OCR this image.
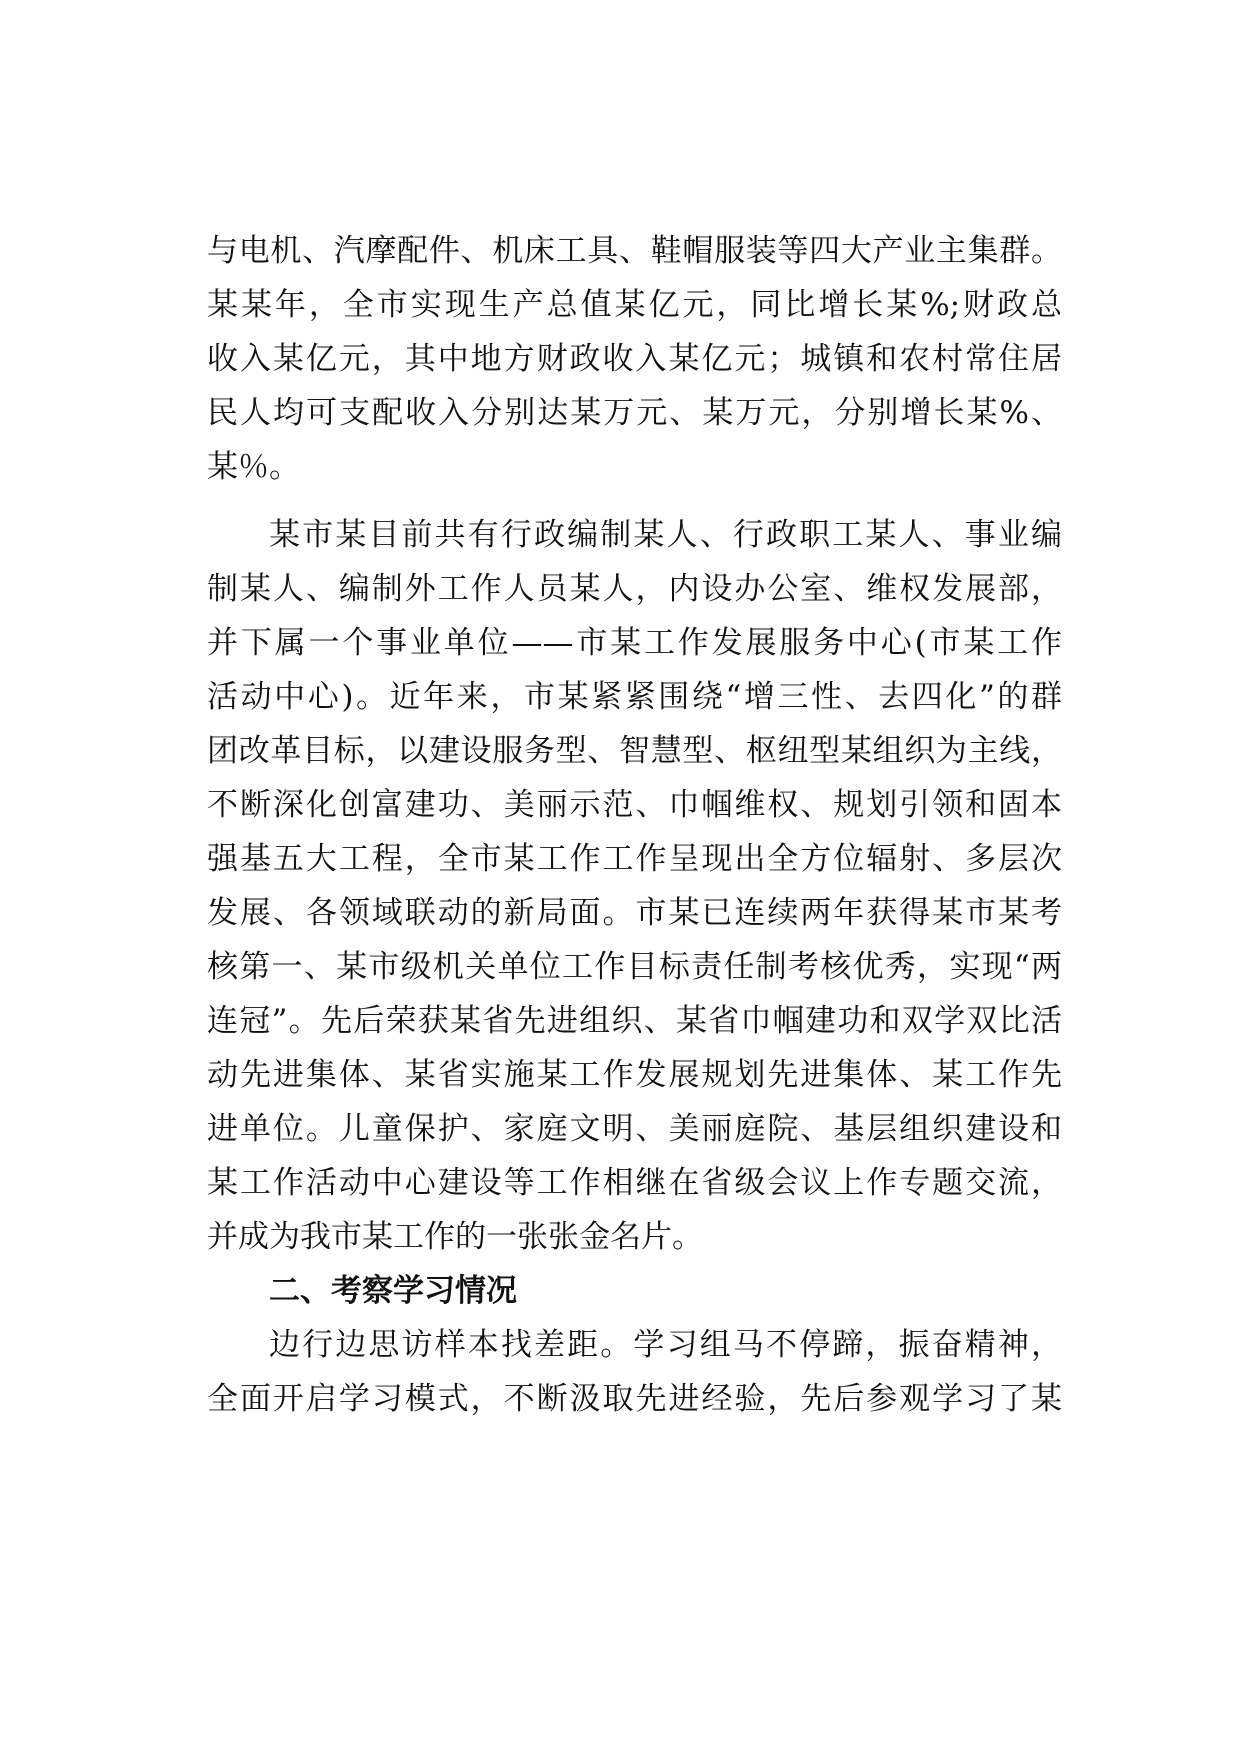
与电机、汽摩配件、机床工具、鞋帽服装等四大产业主集群。
某某年，全市实现生产总值某亿元，同比增长某%;财政总
收入某亿元，其中地方财政收入某亿元；城镇和农村常住居
民人均可支配收入分别达某万元、某万元，分别增长某%、
某％。
某市某目前共有行政编制某人、行政职工某人、事业编
制某人、编制外工作人员某人，内设办公室、维权发展部，
并下属一个事业单位——市某工作发展服务中心(市某工作
活动中心)。近年来，市某紧紧围绕“增三性、去四化”的群
团改革目标，以建设服务型、智慧型、枢纽型某组织为主线，
不断深化创富建功、美丽示范、巾帼维权、规划引领和固本
强基五大工程，全市某工作工作呈现出全方位辐射、多层次
发展、各领域联动的新局面。市某已连续两年获得某市某考
核第一、某市级机关单位工作目标责任制考核优秀，实现“两
连冠”。先后荣获某省先进组织、某省巾帼建功和双学双比活
动先进集体、某省实施某工作发展规划先进集体、某工作先
进单位。儿童保护、家庭文明、美丽庭院、基层组织建设和
某工作活动中心建设等工作相继在省级会议上作专题交流，
并成为我市某工作的一张张金名片。
二、考察学习情况
边行边思访样本找差距。学习组马不停蹄，振奋精神，
全面开启学习模式，不断汲取先进经验，先后参观学习了某
